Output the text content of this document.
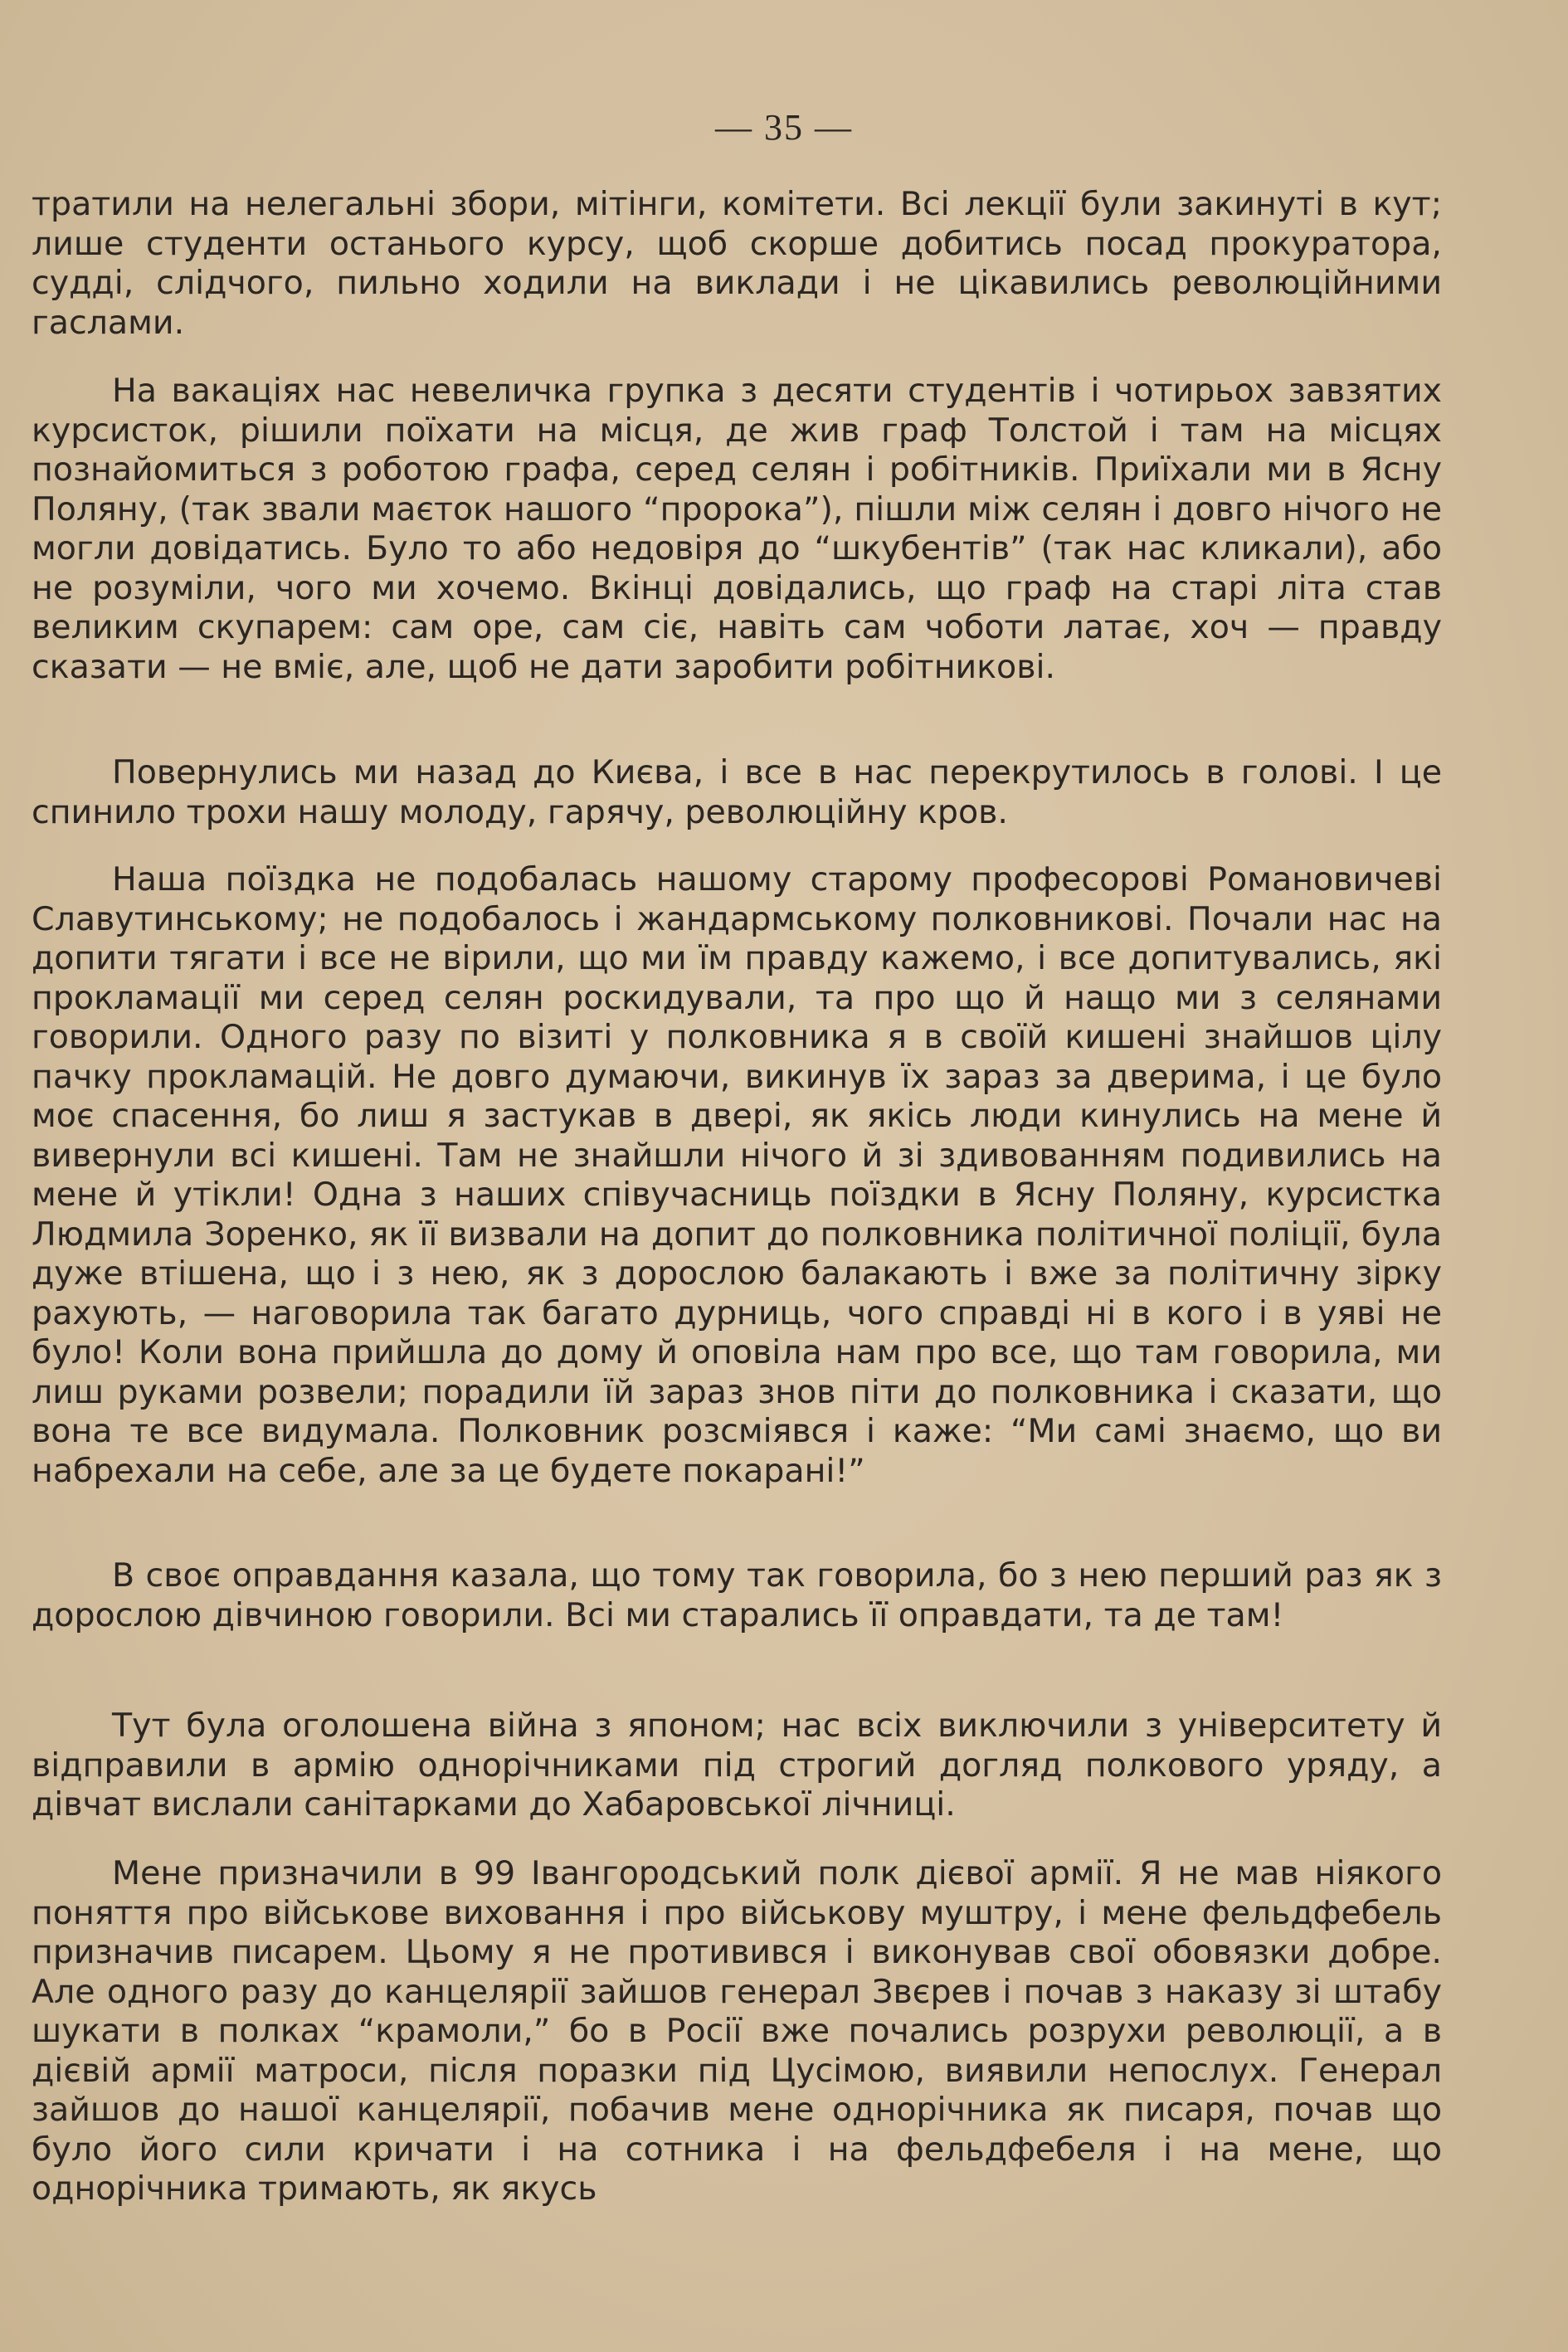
— 35 —

тратили на нелегальні збори, мітінги, комітети. Всі лекції були закинуті в кут; лише студенти останього курсу, щоб скорше добитись посад прокуратора, судді, слідчого, пильно ходили на виклади і не цікавились революційними гаслами.

На вакаціях нас невеличка групка з десяти студентів і чотирьох завзятих курсисток, рішили поїхати на місця, де жив граф Толстой і там на місцях познайомиться з роботою графа, серед селян і робітників. Приїхали ми в Ясну Поляну, (так звали маєток нашого “пророка”), пішли між селян і довго нічого не могли довідатись. Було то або недовіря до “шкубентів” (так нас кликали), або не розуміли, чого ми хочемо. Вкінці довідались, що граф на старі літа став великим скупарем: сам оре, сам сіє, навіть сам чоботи латає, хоч — правду сказати — не вміє, але, щоб не дати заробити робітникові.

Повернулись ми назад до Києва, і все в нас перекрутилось в голові. І це спинило трохи нашу молоду, гарячу, революційну кров.

Наша поїздка не подобалась нашому старому професорові Романовичеві Славутинському; не подобалось і жандармському полковникові. Почали нас на допити тягати і все не вірили, що ми їм правду кажемо, і все допитувались, які прокламації ми серед селян роскидували, та про що й нащо ми з селянами говорили. Одного разу по візиті у полковника я в своїй кишені знайшов цілу пачку прокламацій. Не довго думаючи, викинув їх зараз за дверима, і це було моє спасення, бо лиш я застукав в двері, як якісь люди кинулись на мене й вивернули всі кишені. Там не знайшли нічого й зі здивованням подивились на мене й утікли! Одна з наших співучасниць поїздки в Ясну Поляну, курсистка Людмила Зоренко, як її визвали на допит до полковника політичної поліції, була дуже втішена, що і з нею, як з дорослою балакають і вже за політичну зірку рахують, — наговорила так багато дурниць, чого справді ні в кого і в уяві не було! Коли вона прийшла до дому й оповіла нам про все, що там говорила, ми лиш руками розвели; порадили їй зараз знов піти до полковника і сказати, що вона те все видумала. Полковник розсміявся і каже: “Ми самі знаємо, що ви набрехали на себе, але за це будете покарані!”

В своє оправдання казала, що тому так говорила, бо з нею перший раз як з дорослою дівчиною говорили. Всі ми старались її оправдати, та де там!

Тут була оголошена війна з японом; нас всіх виключили з університету й відправили в армію однорічниками під строгий догляд полкового уряду, а дівчат вислали санітарками до Хабаровської лічниці.

Мене призначили в 99 Івангородський полк дієвої армії. Я не мав ніякого поняття про військове виховання і про військову муштру, і мене фельдфебель призначив писарем. Цьому я не противився і виконував свої обовязки добре. Але одного разу до канцелярії зайшов генерал Звєрев і почав з наказу зі штабу шукати в полках “крамоли,” бо в Росії вже почались розрухи революції, а в дієвій армії матроси, після поразки під Цусімою, виявили непослух. Генерал зайшов до нашої канцелярії, побачив мене однорічника як писаря, почав що було його сили кричати і на сотника і на фельдфебеля і на мене, що однорічника тримають, як якусь
